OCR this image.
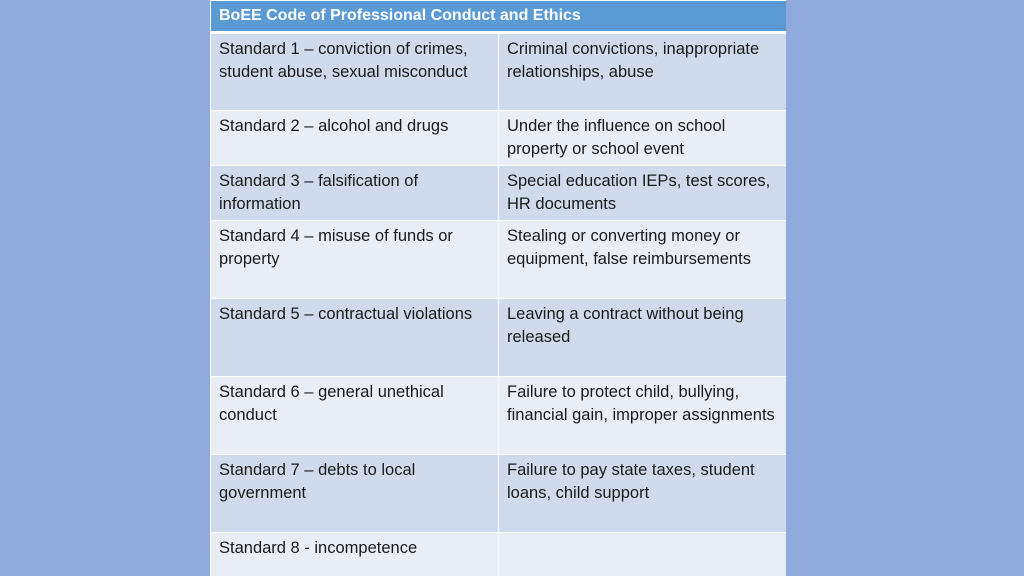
BoEE Code of Professional Conduct and Ethics	
Standard 1 – conviction of crimes, student abuse, sexual misconduct	Criminal convictions, inappropriate relationships, abuse
Standard 2 – alcohol and drugs	Under the influence on school property or school event
Standard 3 – falsification of information	Special education IEPs, test scores, HR documents
Standard 4 – misuse of funds or property	Stealing or converting money or equipment, false reimbursements
Standard 5 – contractual violations	Leaving a contract without being released
Standard 6 – general unethical conduct	Failure to protect child, bullying, financial gain, improper assignments
Standard 7 – debts to local government	Failure to pay state taxes, student loans, child support
Standard 8 - incompetence	
